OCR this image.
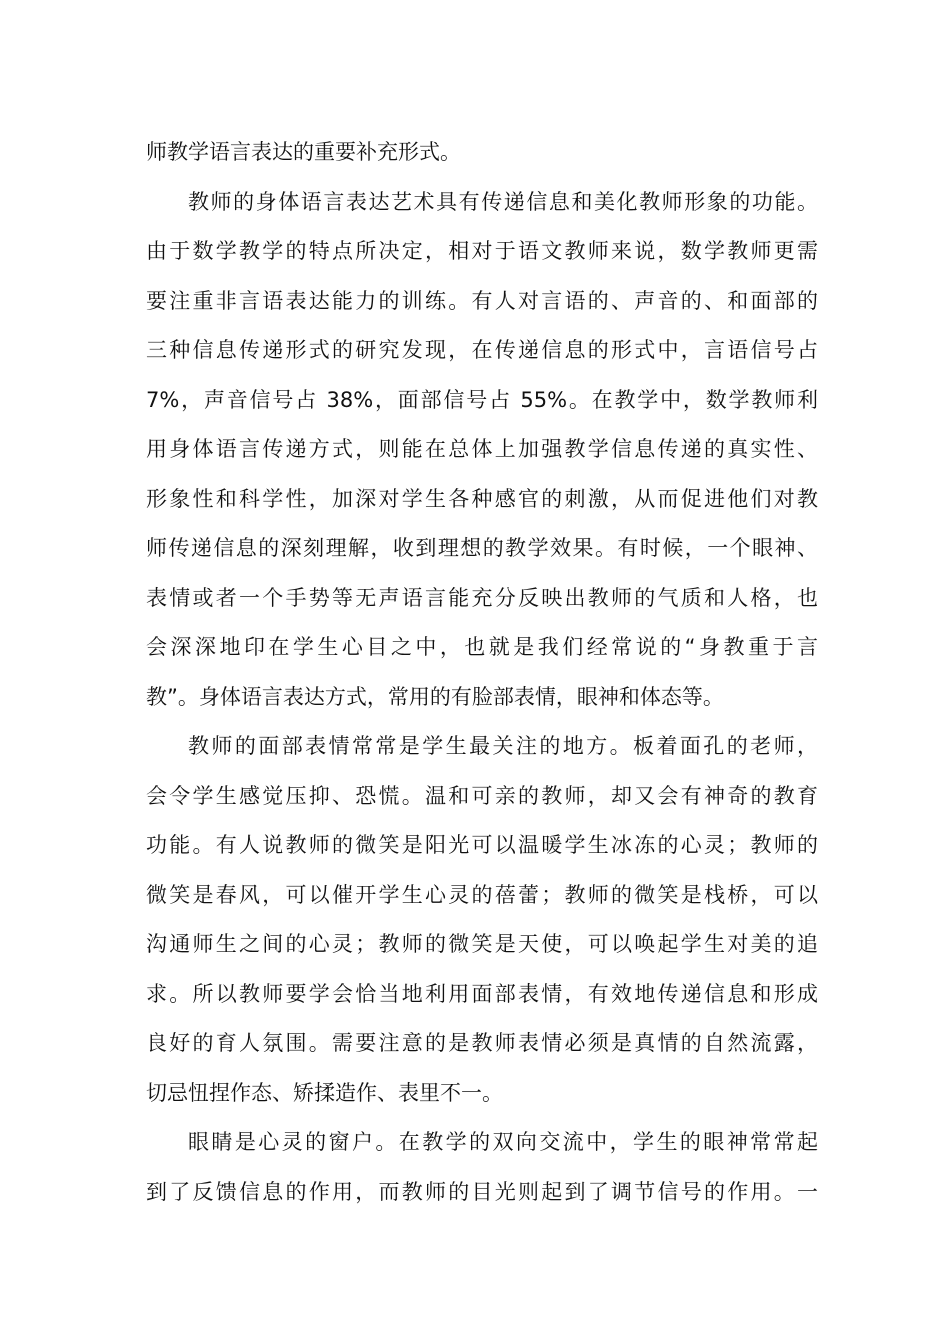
师教学语言表达的重要补充形式。
教师的身体语言表达艺术具有传递信息和美化教师形象的功能。
由于数学教学的特点所决定，相对于语文教师来说，数学教师更需
要注重非言语表达能力的训练。有人对言语的、声音的、和面部的
三种信息传递形式的研究发现，在传递信息的形式中，言语信号占
7%，声音信号占 38%，面部信号占 55%。在教学中，数学教师利
用身体语言传递方式，则能在总体上加强教学信息传递的真实性、
形象性和科学性，加深对学生各种感官的刺激，从而促进他们对教
师传递信息的深刻理解，收到理想的教学效果。有时候，一个眼神、
表情或者一个手势等无声语言能充分反映出教师的气质和人格，也
会深深地印在学生心目之中，也就是我们经常说的“身教重于言
教”。身体语言表达方式，常用的有脸部表情，眼神和体态等。
教师的面部表情常常是学生最关注的地方。板着面孔的老师，
会令学生感觉压抑、恐慌。温和可亲的教师，却又会有神奇的教育
功能。有人说教师的微笑是阳光可以温暖学生冰冻的心灵；教师的
微笑是春风，可以催开学生心灵的蓓蕾；教师的微笑是栈桥，可以
沟通师生之间的心灵；教师的微笑是天使，可以唤起学生对美的追
求。所以教师要学会恰当地利用面部表情，有效地传递信息和形成
良好的育人氛围。需要注意的是教师表情必须是真情的自然流露，
切忌忸捏作态、矫揉造作、表里不一。
眼睛是心灵的窗户。在教学的双向交流中，学生的眼神常常起
到了反馈信息的作用，而教师的目光则起到了调节信号的作用。一
